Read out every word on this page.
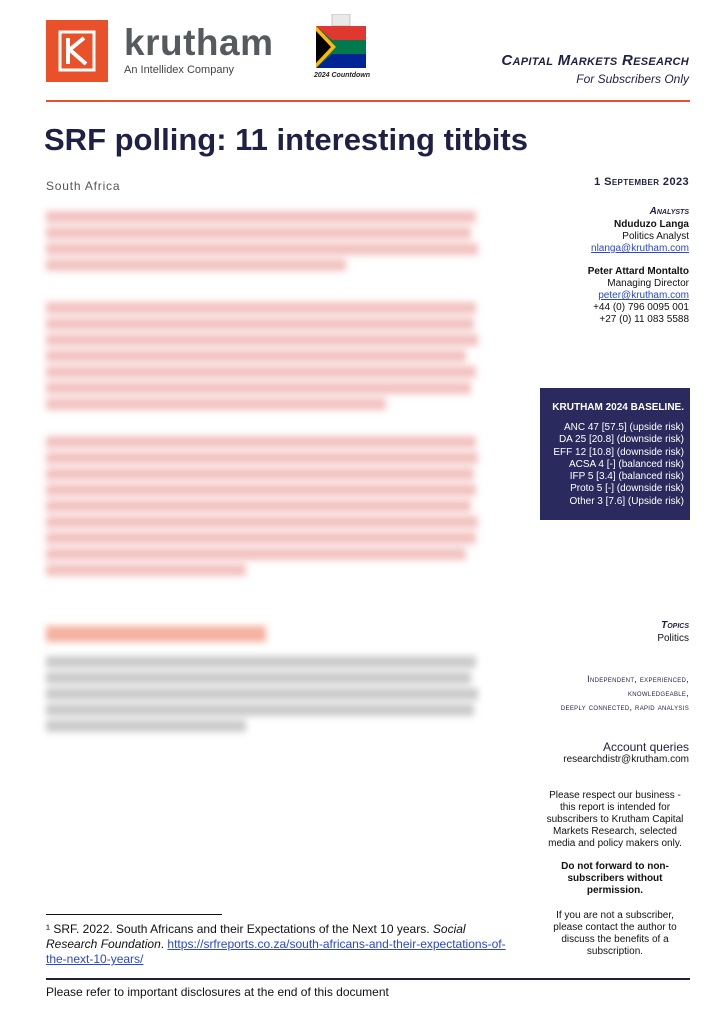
krutham
An Intellidex Company	2024 Countdown
Capital Markets Research
For Subscribers Only
SRF polling: 11 interesting titbits
South Africa	1 September 2023
Analysts
Nduduzo Langa
Politics Analyst
nlanga@krutham.com
Peter Attard Montalto
Managing Director
peter@krutham.com
+44 (0) 796 0095 001
+27 (0) 11 083 5588
KRUTHAM 2024 BASELINE.
ANC 47 [57.5] (upside risk)
DA 25 [20.8] (downside risk)
EFF 12 [10.8] (downside risk)
ACSA 4 [-] (balanced risk)
IFP 5 [3.4] (balanced risk)
Proto 5 [-] (downside risk)
Other 3 [7.6] (Upside risk)
Topics
Politics
Independent, experienced,
knowledgeable,
deeply connected, rapid analysis
Account queries
researchdistr@krutham.com
Please respect our business - this report is intended for subscribers to Krutham Capital Markets Research, selected media and policy makers only.
Do not forward to non-subscribers without permission.
If you are not a subscriber, please contact the author to discuss the benefits of a subscription.
¹ SRF. 2022. South Africans and their Expectations of the Next 10 years. Social Research Foundation. https://srfreports.co.za/south-africans-and-their-expectations-of-the-next-10-years/
Please refer to important disclosures at the end of this document
